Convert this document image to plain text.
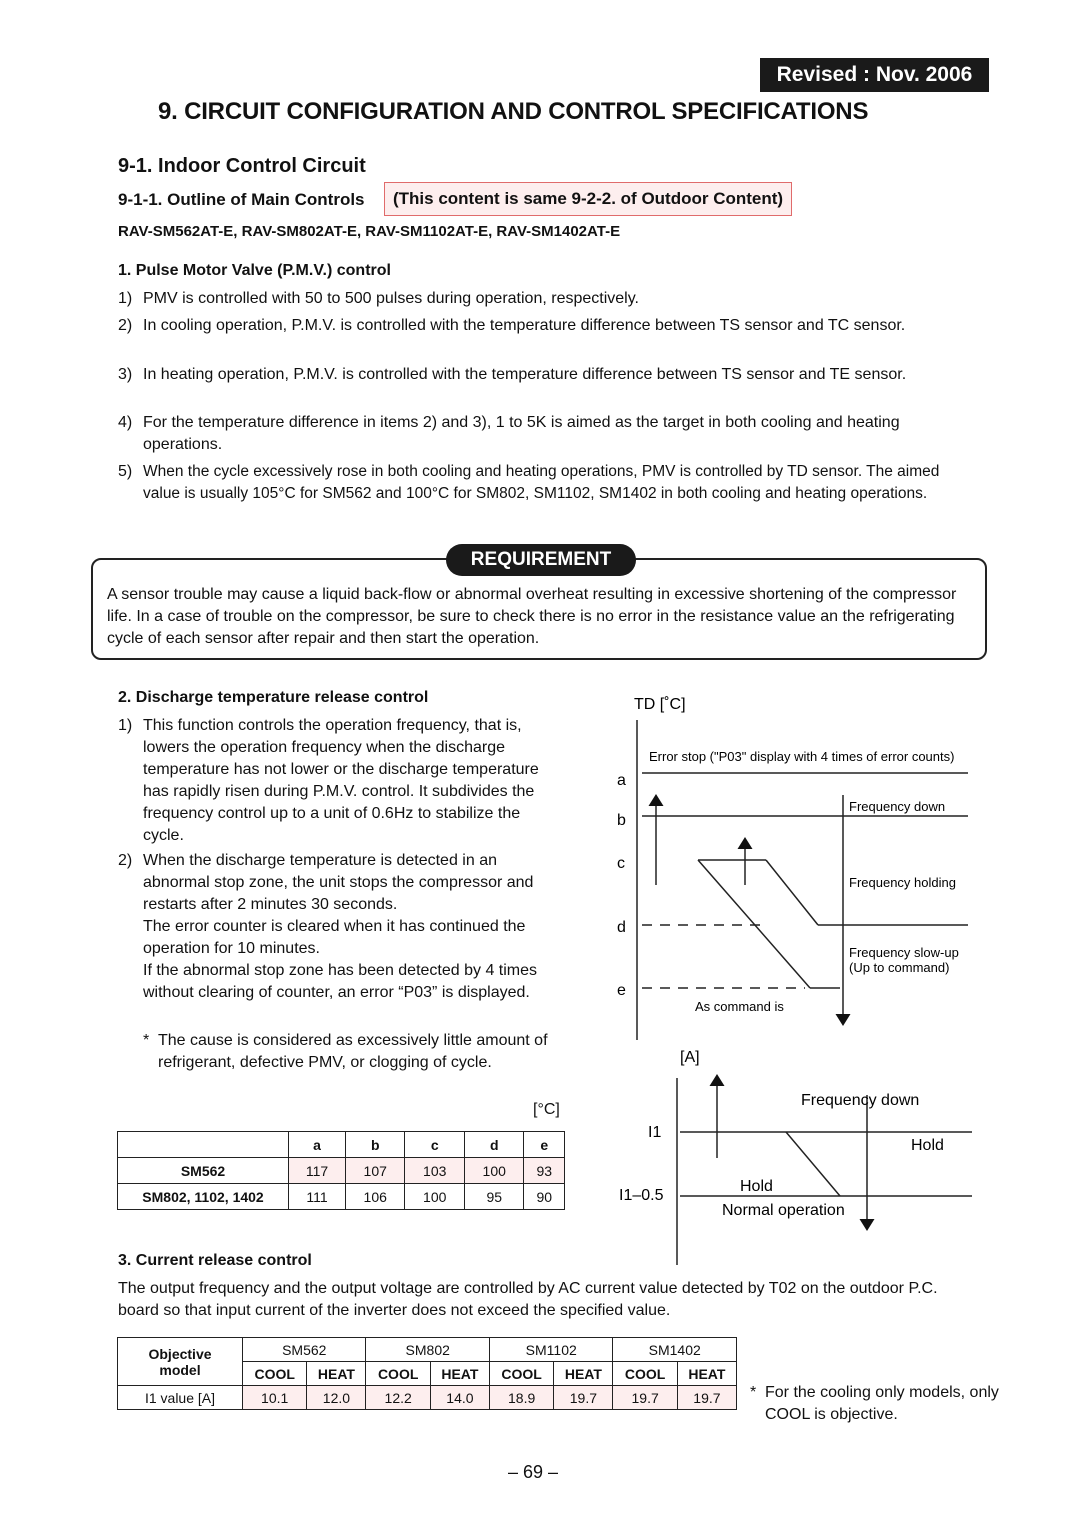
Revised : Nov. 2006
9. CIRCUIT CONFIGURATION AND CONTROL SPECIFICATIONS
9-1. Indoor Control Circuit
9-1-1. Outline of Main Controls	(This content is same 9-2-2. of Outdoor Content)
RAV-SM562AT-E, RAV-SM802AT-E, RAV-SM1102AT-E, RAV-SM1402AT-E
1. Pulse Motor Valve (P.M.V.) control
1) PMV is controlled with 50 to 500 pulses during operation, respectively.
2) In cooling operation, P.M.V. is controlled with the temperature difference between TS sensor and TC sensor.
3) In heating operation, P.M.V. is controlled with the temperature difference between TS sensor and TE sensor.
4) For the temperature difference in items 2) and 3), 1 to 5K is aimed as the target in both cooling and heating operations.
5) When the cycle excessively rose in both cooling and heating operations, PMV is controlled by TD sensor. The aimed value is usually 105°C for SM562 and 100°C for SM802, SM1102, SM1402 in both cooling and heating operations.
REQUIREMENT
A sensor trouble may cause a liquid back-flow or abnormal overheat resulting in excessive shortening of the compressor life. In a case of trouble on the compressor, be sure to check there is no error in the resistance value an the refrigerating cycle of each sensor after repair and then start the operation.
2. Discharge temperature release control
1) This function controls the operation frequency, that is, lowers the operation frequency when the discharge temperature has not lower or the discharge temperature has rapidly risen during P.M.V. control. It subdivides the frequency control up to a unit of 0.6Hz to stabilize the cycle.
2) When the discharge temperature is detected in an abnormal stop zone, the unit stops the compressor and restarts after 2 minutes 30 seconds.
The error counter is cleared when it has continued the operation for 10 minutes.
If the abnormal stop zone has been detected by 4 times without clearing of counter, an error “P03” is displayed.
* The cause is considered as excessively little amount of refrigerant, defective PMV, or clogging of cycle.
[°C]
	a	b	c	d	e
SM562	117	107	103	100	93
SM802, 1102, 1402	111	106	100	95	90
TD [˚C]
a
b
c
d
e
Error stop ("P03" display with 4 times of error counts)
Frequency down
Frequency holding
Frequency slow-up
(Up to command)
As command is
[A]
I1
I1–0.5
Frequency down
Hold
Hold
Normal operation
3. Current release control
The output frequency and the output voltage are controlled by AC current value detected by T02 on the outdoor P.C. board so that input current of the inverter does not exceed the specified value.
Objective
model	SM562		SM802		SM1102		SM1402	
	COOL	HEAT	COOL	HEAT	COOL	HEAT	COOL	HEAT
I1 value [A]	10.1	12.0	12.2	14.0	18.9	19.7	19.7	19.7 * For the cooling only models, only COOL is objective.
– 69 –
